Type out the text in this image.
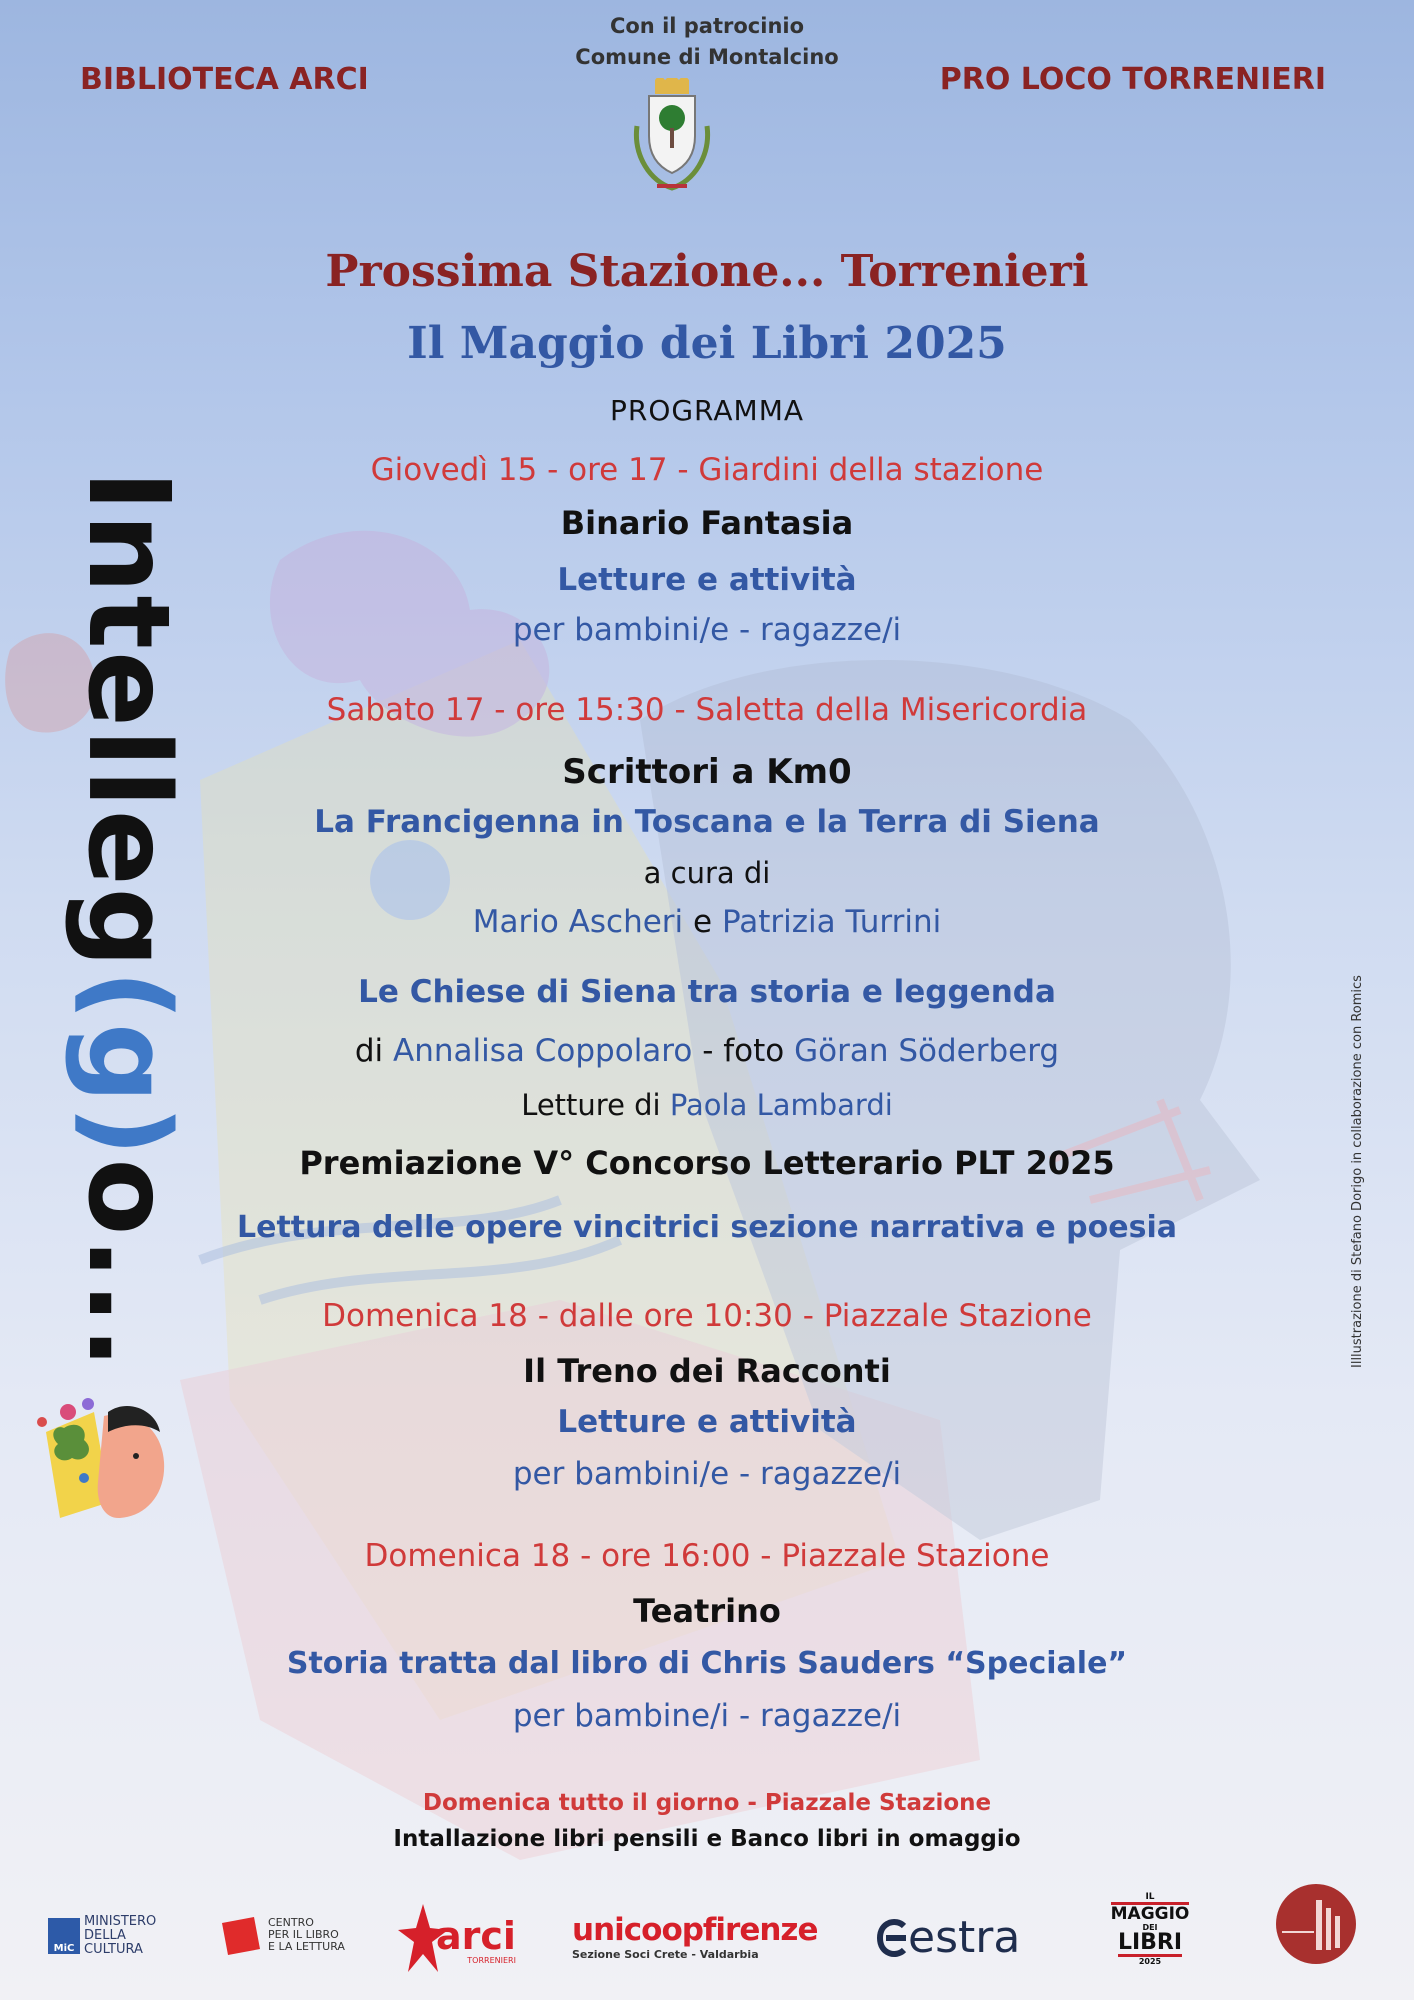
BIBLIOTECA ARCI	PRO LOCO TORRENIERI
Con il patrocinio
Comune di Montalcino
Intelleg(g)o...
Prossima Stazione... Torrenieri
Il Maggio dei Libri 2025
PROGRAMMA
Giovedì 15 - ore 17 - Giardini della stazione
Binario Fantasia
Letture e attività
per bambini/e - ragazze/i
Sabato 17 - ore 15:30 - Saletta della Misericordia
Scrittori a Km0
La Francigenna in Toscana e la Terra di Siena
a cura di
Mario Ascheri e Patrizia Turrini
Le Chiese di Siena tra storia e leggenda
di Annalisa Coppolaro - foto Göran Söderberg
Letture di Paola Lambardi
Premiazione V° Concorso Letterario PLT 2025
Lettura delle opere vincitrici sezione narrativa e poesia
Domenica 18 - dalle ore 10:30 - Piazzale Stazione
Il Treno dei Racconti
Letture e attività
per bambini/e - ragazze/i
Domenica 18 - ore 16:00 - Piazzale Stazione
Teatrino
Storia tratta dal libro di Chris Sauders “Speciale”
per bambine/i - ragazze/i
Domenica tutto il giorno - Piazzale Stazione
Intallazione libri pensili e Banco libri in omaggio
Illlustrazione di Stefano Dorigo in collaborazione con Romics
MiC
MINISTERO
DELLA
CULTURA
CENTRO
PER IL LIBRO
E LA LETTURA arci
TORRENIERI
unicoopfirenze
Sezione Soci Crete - Valdarbia	estra
IL
MAGGIO
DEI
LIBRI
2025
